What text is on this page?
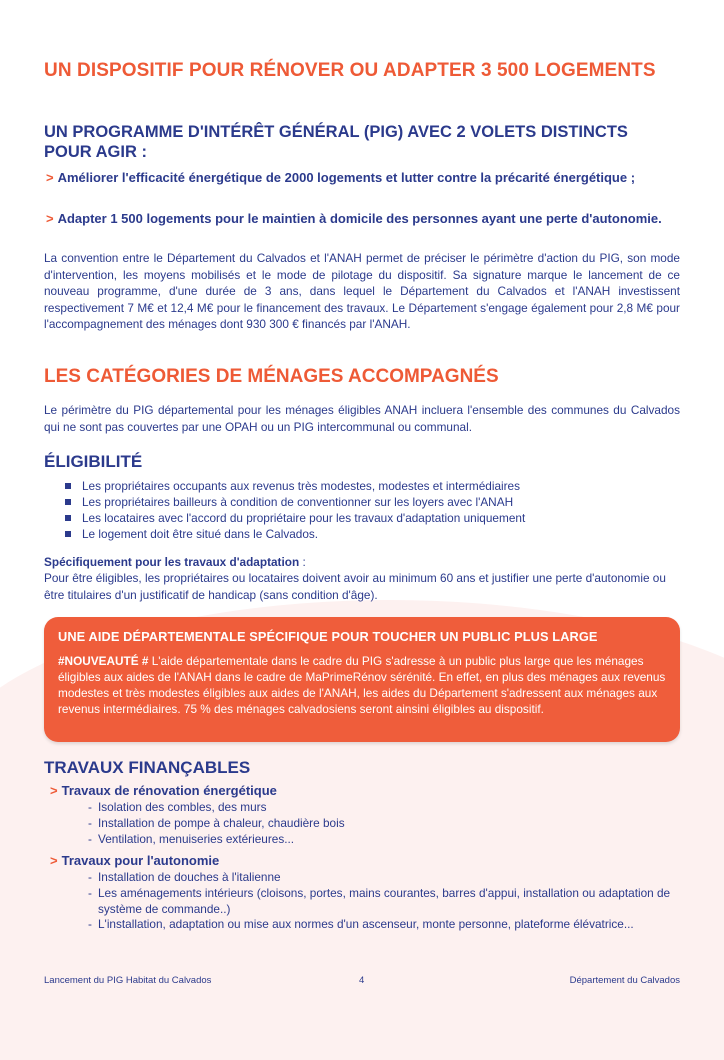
UN DISPOSITIF POUR RÉNOVER OU ADAPTER 3 500 LOGEMENTS
UN PROGRAMME D'INTÉRÊT GÉNÉRAL (PIG) AVEC 2 VOLETS DISTINCTS POUR AGIR :
> Améliorer l'efficacité énergétique de 2000 logements et lutter contre la précarité énergétique ;
> Adapter 1 500 logements pour le maintien à domicile des personnes ayant une perte d'autonomie.

La convention entre le Département du Calvados et l'ANAH permet de préciser le périmètre d'action du PIG, son mode d'intervention, les moyens mobilisés et le mode de pilotage du dispositif. Sa signature marque le lancement de ce nouveau programme, d'une durée de 3 ans, dans lequel le Département du Calvados et l'ANAH investissent respectivement 7 M€ et 12,4 M€ pour le financement des travaux. Le Département s'engage également pour 2,8 M€ pour l'accompagnement des ménages dont 930 300 € financés par l'ANAH.

LES CATÉGORIES DE MÉNAGES ACCOMPAGNÉS

Le périmètre du PIG départemental pour les ménages éligibles ANAH incluera l'ensemble des communes du Calvados qui ne sont pas couvertes par une OPAH ou un PIG intercommunal ou communal.

ÉLIGIBILITÉ
Les propriétaires occupants aux revenus très modestes, modestes et intermédiaires
Les propriétaires bailleurs à condition de conventionner sur les loyers avec l'ANAH
Les locataires avec l'accord du propriétaire pour les travaux d'adaptation uniquement
Le logement doit être situé dans le Calvados.
Spécifiquement pour les travaux d'adaptation :

Pour être éligibles, les propriétaires ou locataires doivent avoir au minimum 60 ans et justifier une perte d'autonomie ou être titulaires d'un justificatif de handicap (sans condition d'âge).

UNE AIDE DÉPARTEMENTALE SPÉCIFIQUE POUR TOUCHER UN PUBLIC PLUS LARGE
#NOUVEAUTÉ # L'aide départementale dans le cadre du PIG s'adresse à un public plus large que les ménages éligibles aux aides de l'ANAH dans le cadre de MaPrimeRénov sérénité. En effet, en plus des ménages aux revenus modestes et très modestes éligibles aux aides de l'ANAH, les aides du Département s'adressent aux ménages aux revenus intermédiaires. 75 % des ménages calvadosiens seront ainsini éligibles au dispositif.
TRAVAUX FINANÇABLES
> Travaux de rénovation énergétique
- Isolation des combles, des murs
- Installation de pompe à chaleur, chaudière bois
- Ventilation, menuiseries extérieures...
> Travaux pour l'autonomie
- Installation de douches à l'italienne
- Les aménagements intérieurs (cloisons, portes, mains courantes, barres d'appui, installation ou adaptation de système de commande..)
- L'installation, adaptation ou mise aux normes d'un ascenseur, monte personne, plateforme élévatrice...
Lancement du PIG Habitat du Calvados	4	Département du Calvados
